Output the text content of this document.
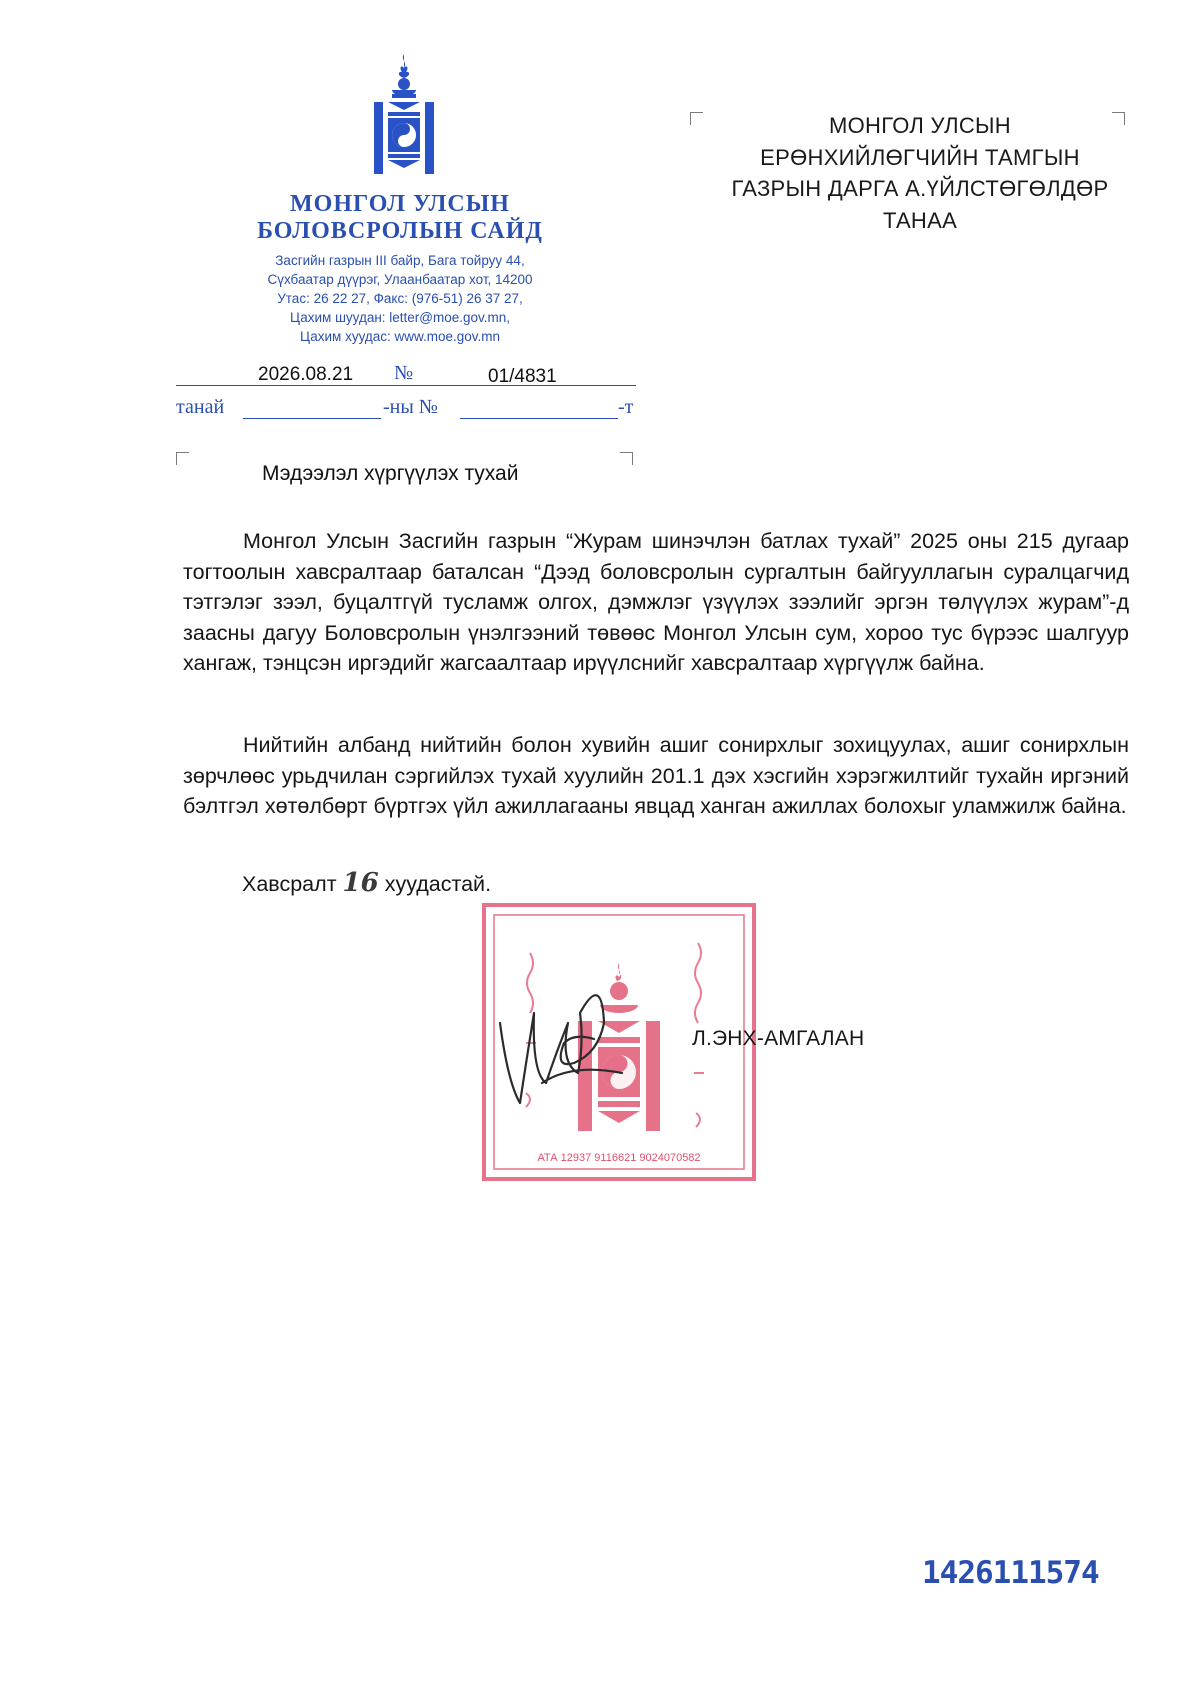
МОНГОЛ УЛСЫН
БОЛОВСРОЛЫН САЙД
Засгийн газрын III байр, Бага тойруу 44,
Сүхбаатар дүүрэг, Улаанбаатар хот, 14200
Утас: 26 22 27, Факс: (976-51) 26 37 27,
Цахим шуудан: letter@moe.gov.mn,
Цахим хуудас: www.moe.gov.mn
2026.08.21 №	01/4831
танай	-ны №	-т
Мэдээлэл хүргүүлэх тухай
МОНГОЛ УЛСЫН
ЕРӨНХИЙЛӨГЧИЙН ТАМГЫН
ГАЗРЫН ДАРГА А.ҮЙЛСТӨГӨЛДӨР
ТАНАА

Монгол Улсын Засгийн газрын “Журам шинэчлэн батлах тухай” 2025 оны 215 дугаар тогтоолын хавсралтаар баталсан “Дээд боловсролын сургалтын байгууллагын суралцагчид тэтгэлэг зээл, буцалтгүй тусламж олгох, дэмжлэг үзүүлэх зээлийг эргэн төлүүлэх журам”-д заасны дагуу Боловсролын үнэлгээний төвөөс Монгол Улсын сум, хороо тус бүрээс шалгуур хангаж, тэнцсэн иргэдийг жагсаалтаар ирүүлснийг хавсралтаар хүргүүлж байна.

Нийтийн албанд нийтийн болон хувийн ашиг сонирхлыг зохицуулах, ашиг сонирхлын зөрчлөөс урьдчилан сэргийлэх тухай хуулийн 201.1 дэх хэсгийн хэрэгжилтийг тухайн иргэний бэлтгэл хөтөлбөрт бүртгэх үйл ажиллагааны явцад ханган ажиллах болохыг уламжилж байна.

Хавсралт 16 хуудастай.
АТА 12937 9116621 9024070582
Л.ЭНХ-АМГАЛАН
1426111574
